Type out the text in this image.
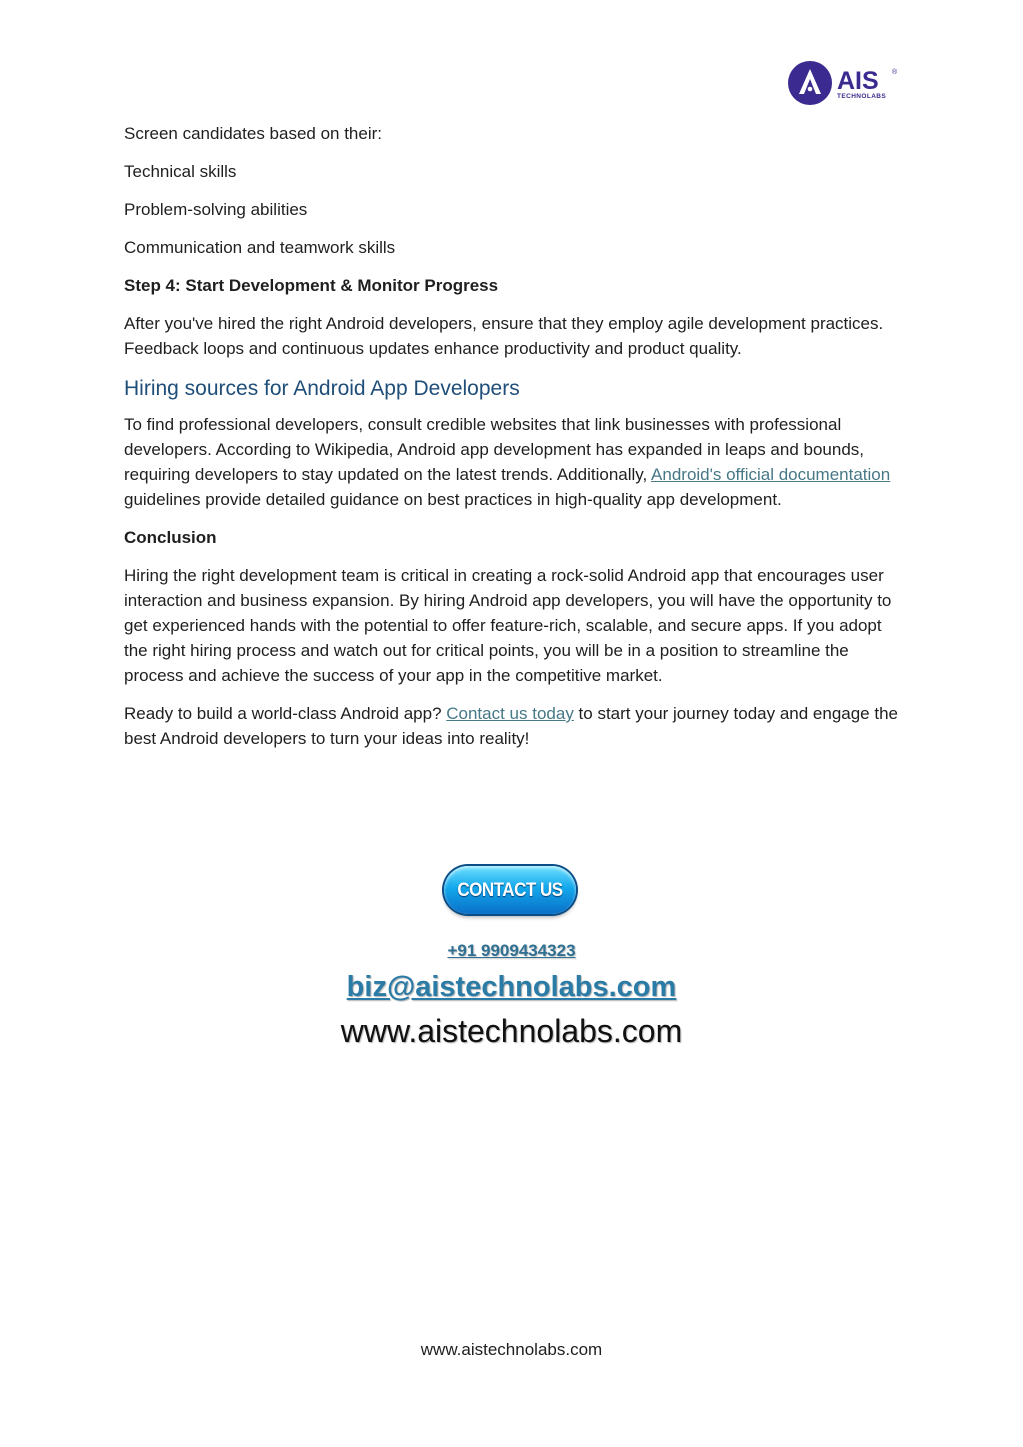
AIS ®
TECHNOLABS

Screen candidates based on their:

Technical skills

Problem-solving abilities

Communication and teamwork skills

Step 4: Start Development & Monitor Progress

After you've hired the right Android developers, ensure that they employ agile development practices. Feedback loops and continuous updates enhance productivity and product quality.

Hiring sources for Android App Developers

To find professional developers, consult credible websites that link businesses with professional developers. According to Wikipedia, Android app development has expanded in leaps and bounds, requiring developers to stay updated on the latest trends. Additionally, Android's official documentation guidelines provide detailed guidance on best practices in high-quality app development.

Conclusion

Hiring the right development team is critical in creating a rock-solid Android app that encourages user interaction and business expansion. By hiring Android app developers, you will have the opportunity to get experienced hands with the potential to offer feature-rich, scalable, and secure apps. If you adopt the right hiring process and watch out for critical points, you will be in a position to streamline the process and achieve the success of your app in the competitive market.

Ready to build a world-class Android app? Contact us today to start your journey today and engage the best Android developers to turn your ideas into reality!

CONTACT US
+91 9909434323
biz@aistechnolabs.com
www.aistechnolabs.com
www.aistechnolabs.com
